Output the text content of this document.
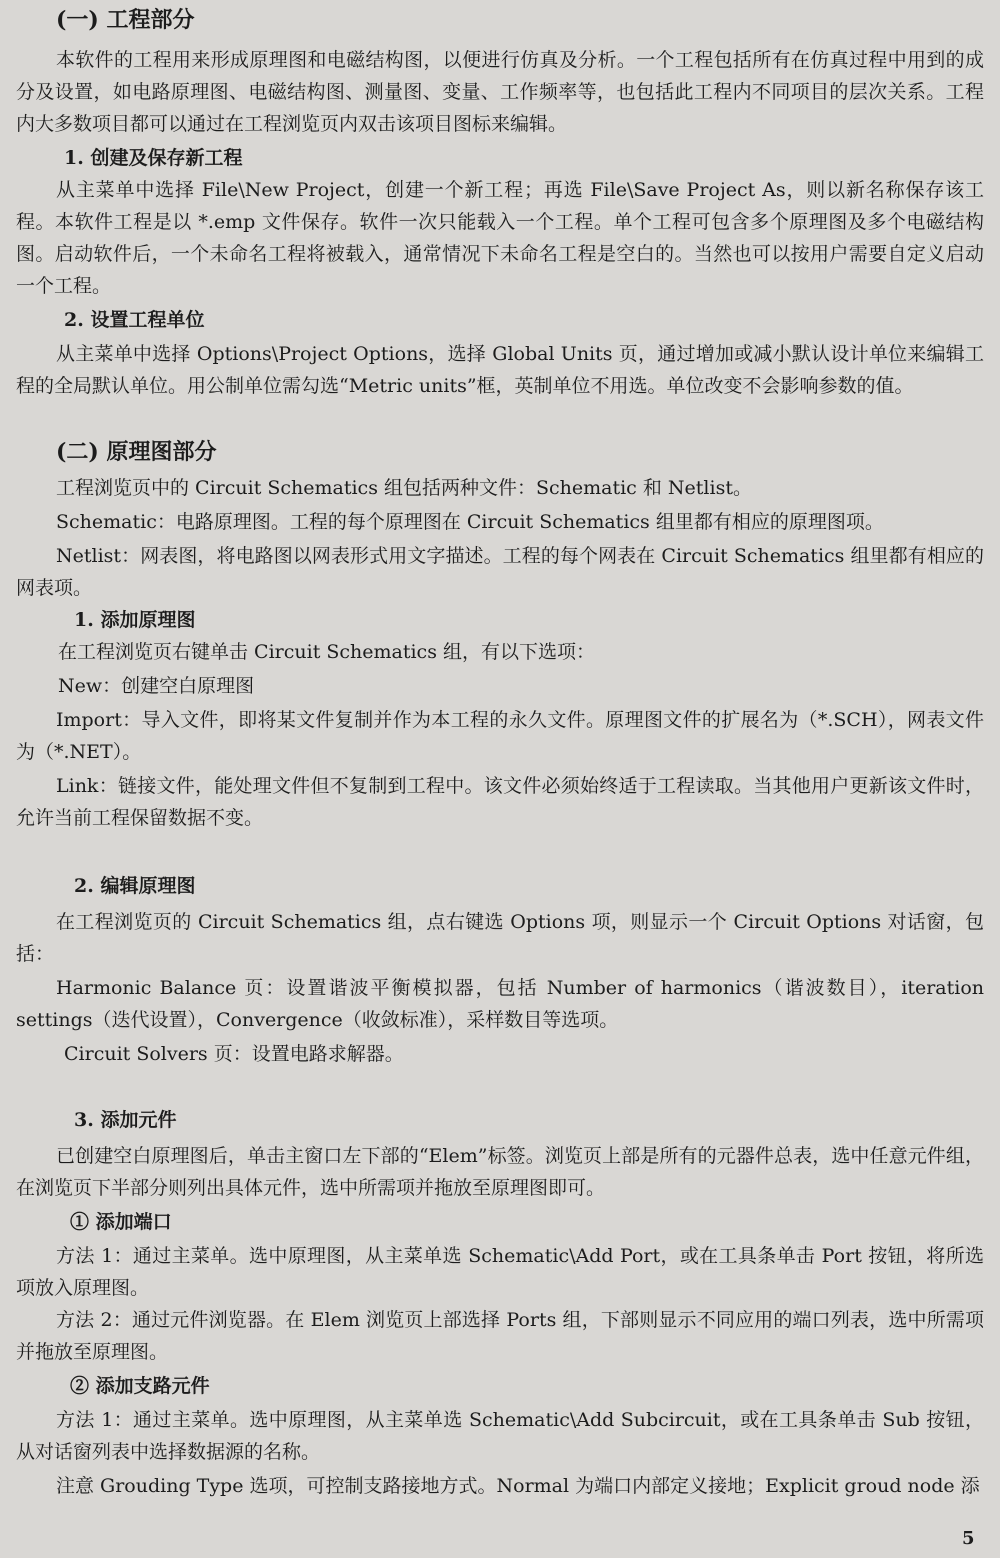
(一) 工程部分

本软件的工程用来形成原理图和电磁结构图，以便进行仿真及分析。一个工程包括所有在仿真过程中用到的成分及设置，如电路原理图、电磁结构图、测量图、变量、工作频率等，也包括此工程内不同项目的层次关系。工程内大多数项目都可以通过在工程浏览页内双击该项目图标来编辑。

1. 创建及保存新工程

从主菜单中选择 File\New Project，创建一个新工程；再选 File\Save Project As，则以新名称保存该工程。本软件工程是以 *.emp 文件保存。软件一次只能载入一个工程。单个工程可包含多个原理图及多个电磁结构图。启动软件后，一个未命名工程将被载入，通常情况下未命名工程是空白的。当然也可以按用户需要自定义启动一个工程。

2. 设置工程单位

从主菜单中选择 Options\Project Options，选择 Global Units 页，通过增加或减小默认设计单位来编辑工程的全局默认单位。用公制单位需勾选“Metric units”框，英制单位不用选。单位改变不会影响参数的值。

(二) 原理图部分

工程浏览页中的 Circuit Schematics 组包括两种文件：Schematic 和 Netlist。

Schematic：电路原理图。工程的每个原理图在 Circuit Schematics 组里都有相应的原理图项。

Netlist：网表图，将电路图以网表形式用文字描述。工程的每个网表在 Circuit Schematics 组里都有相应的网表项。

1. 添加原理图
在工程浏览页右键单击 Circuit Schematics 组，有以下选项：
New：创建空白原理图

Import：导入文件，即将某文件复制并作为本工程的永久文件。原理图文件的扩展名为（*.SCH），网表文件为（*.NET）。

Link：链接文件，能处理文件但不复制到工程中。该文件必须始终适于工程读取。当其他用户更新该文件时，允许当前工程保留数据不变。

2. 编辑原理图

在工程浏览页的 Circuit Schematics 组，点右键选 Options 项，则显示一个 Circuit Options 对话窗，包括：

Harmonic Balance 页：设置谐波平衡模拟器，包括 Number of harmonics（谐波数目），iteration settings（迭代设置），Convergence（收敛标准），采样数目等选项。

Circuit Solvers 页：设置电路求解器。
3. 添加元件

已创建空白原理图后，单击主窗口左下部的“Elem”标签。浏览页上部是所有的元器件总表，选中任意元件组，在浏览页下半部分则列出具体元件，选中所需项并拖放至原理图即可。

① 添加端口

方法 1：通过主菜单。选中原理图，从主菜单选 Schematic\Add Port，或在工具条单击 Port 按钮，将所选项放入原理图。

方法 2：通过元件浏览器。在 Elem 浏览页上部选择 Ports 组，下部则显示不同应用的端口列表，选中所需项并拖放至原理图。

② 添加支路元件

方法 1：通过主菜单。选中原理图，从主菜单选 Schematic\Add Subcircuit，或在工具条单击 Sub 按钮，从对话窗列表中选择数据源的名称。

注意 Grouding Type 选项，可控制支路接地方式。Normal 为端口内部定义接地；Explicit groud node 添

5
